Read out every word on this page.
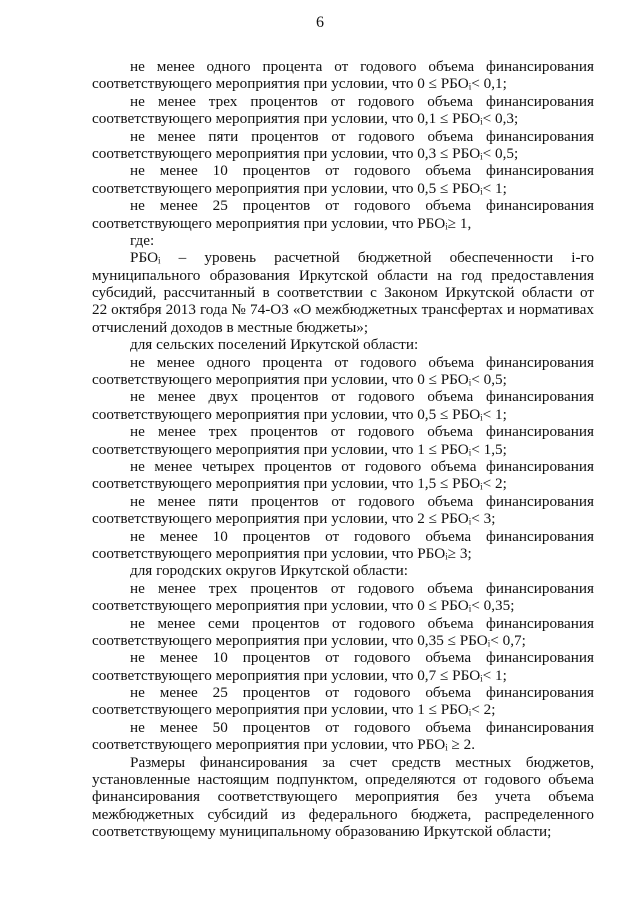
6
не менее одного процента от годового объема финансирования
соответствующего мероприятия при условии, что 0 ≤ РБОᵢ< 0,1;
не менее трех процентов от годового объема финансирования
соответствующего мероприятия при условии, что 0,1 ≤ РБОᵢ< 0,3;
не менее пяти процентов от годового объема финансирования
соответствующего мероприятия при условии, что 0,3 ≤ РБОᵢ< 0,5;
не менее 10 процентов от годового объема финансирования
соответствующего мероприятия при условии, что 0,5 ≤ РБОᵢ< 1;
не менее 25 процентов от годового объема финансирования
соответствующего мероприятия при условии, что РБОᵢ≥ 1,
где:
РБОᵢ – уровень расчетной бюджетной обеспеченности i-го
муниципального образования Иркутской области на год предоставления
субсидий, рассчитанный в соответствии с Законом Иркутской области от
22 октября 2013 года № 74-ОЗ «О межбюджетных трансфертах и нормативах
отчислений доходов в местные бюджеты»;
для сельских поселений Иркутской области:
не менее одного процента от годового объема финансирования
соответствующего мероприятия при условии, что 0 ≤ РБОᵢ< 0,5;
не менее двух процентов от годового объема финансирования
соответствующего мероприятия при условии, что 0,5 ≤ РБОᵢ< 1;
не менее трех процентов от годового объема финансирования
соответствующего мероприятия при условии, что 1 ≤ РБОᵢ< 1,5;
не менее четырех процентов от годового объема финансирования
соответствующего мероприятия при условии, что 1,5 ≤ РБОᵢ< 2;
не менее пяти процентов от годового объема финансирования
соответствующего мероприятия при условии, что 2 ≤ РБОᵢ< 3;
не менее 10 процентов от годового объема финансирования
соответствующего мероприятия при условии, что РБОᵢ≥ 3;
для городских округов Иркутской области:
не менее трех процентов от годового объема финансирования
соответствующего мероприятия при условии, что 0 ≤ РБОᵢ< 0,35;
не менее семи процентов от годового объема финансирования
соответствующего мероприятия при условии, что 0,35 ≤ РБОᵢ< 0,7;
не менее 10 процентов от годового объема финансирования
соответствующего мероприятия при условии, что 0,7 ≤ РБОᵢ< 1;
не менее 25 процентов от годового объема финансирования
соответствующего мероприятия при условии, что 1 ≤ РБОᵢ< 2;
не менее 50 процентов от годового объема финансирования
соответствующего мероприятия при условии, что РБОᵢ ≥ 2.
Размеры финансирования за счет средств местных бюджетов,
установленные настоящим подпунктом, определяются от годового объема
финансирования соответствующего мероприятия без учета объема
межбюджетных субсидий из федерального бюджета, распределенного
соответствующему муниципальному образованию Иркутской области;
